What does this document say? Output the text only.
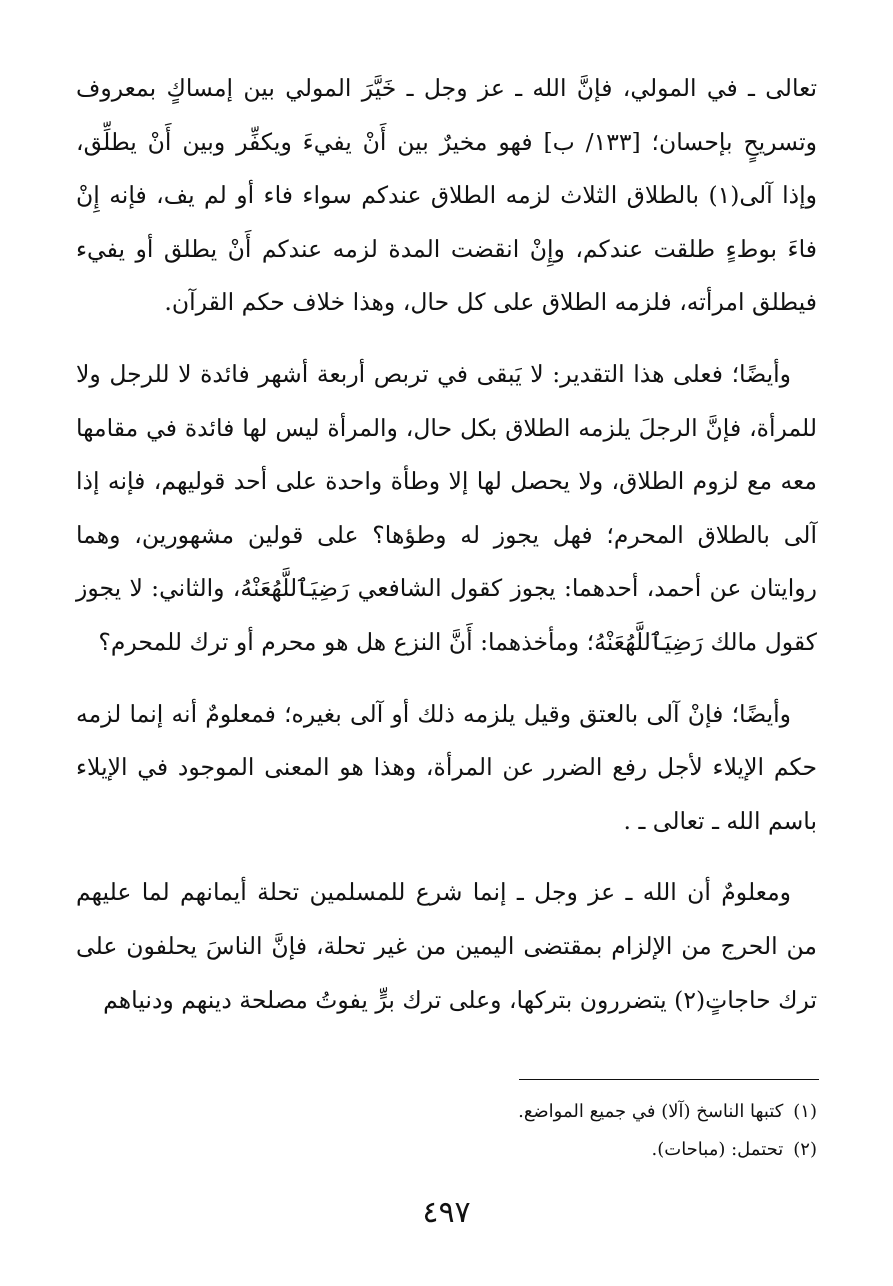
تعالى ـ في المولي، فإنَّ الله ـ عز وجل ـ خَيَّرَ المولي بين إمساكٍ بمعروف وتسريحٍ بإحسان؛ [١٣٣/ ب] فهو مخيرٌ بين أَنْ يفيءَ ويكفِّر وبين أَنْ يطلِّق، وإذا آلى(١) بالطلاق الثلاث لزمه الطلاق عندكم سواء فاء أو لم يف، فإنه إِنْ فاءَ بوطءٍ طلقت عندكم، وإِنْ انقضت المدة لزمه عندكم أَنْ يطلق أو يفيء فيطلق امرأته، فلزمه الطلاق على كل حال، وهذا خلاف حكم القرآن.

وأيضًا؛ فعلى هذا التقدير: لا يَبقى في تربص أربعة أشهر فائدة لا للرجل ولا للمرأة، فإنَّ الرجلَ يلزمه الطلاق بكل حال، والمرأة ليس لها فائدة في مقامها معه مع لزوم الطلاق، ولا يحصل لها إلا وطأة واحدة على أحد قوليهم، فإنه إذا آلى بالطلاق المحرم؛ فهل يجوز له وطؤها؟ على قولين مشهورين، وهما روايتان عن أحمد، أحدهما: يجوز كقول الشافعي رَضِيَٱللَّهُعَنْهُ، والثاني: لا يجوز كقول مالك رَضِيَٱللَّهُعَنْهُ؛ ومأخذهما: أَنَّ النزع هل هو محرم أو ترك للمحرم؟

وأيضًا؛ فإنْ آلى بالعتق وقيل يلزمه ذلك أو آلى بغيره؛ فمعلومٌ أنه إنما لزمه حكم الإيلاء لأجل رفع الضرر عن المرأة، وهذا هو المعنى الموجود في الإيلاء باسم الله ـ تعالى ـ .

ومعلومٌ أن الله ـ عز وجل ـ إنما شرع للمسلمين تحلة أيمانهم لما عليهم من الحرج من الإلزام بمقتضى اليمين من غير تحلة، فإنَّ الناسَ يحلفون على ترك حاجاتٍ(٢) يتضررون بتركها، وعلى ترك برٍّ يفوتُ مصلحة دينهم ودنياهم

(١)
كتبها الناسخ (آلا) في جميع المواضع.

(٢)
تحتمل: (مباحات).

٤٩٧
